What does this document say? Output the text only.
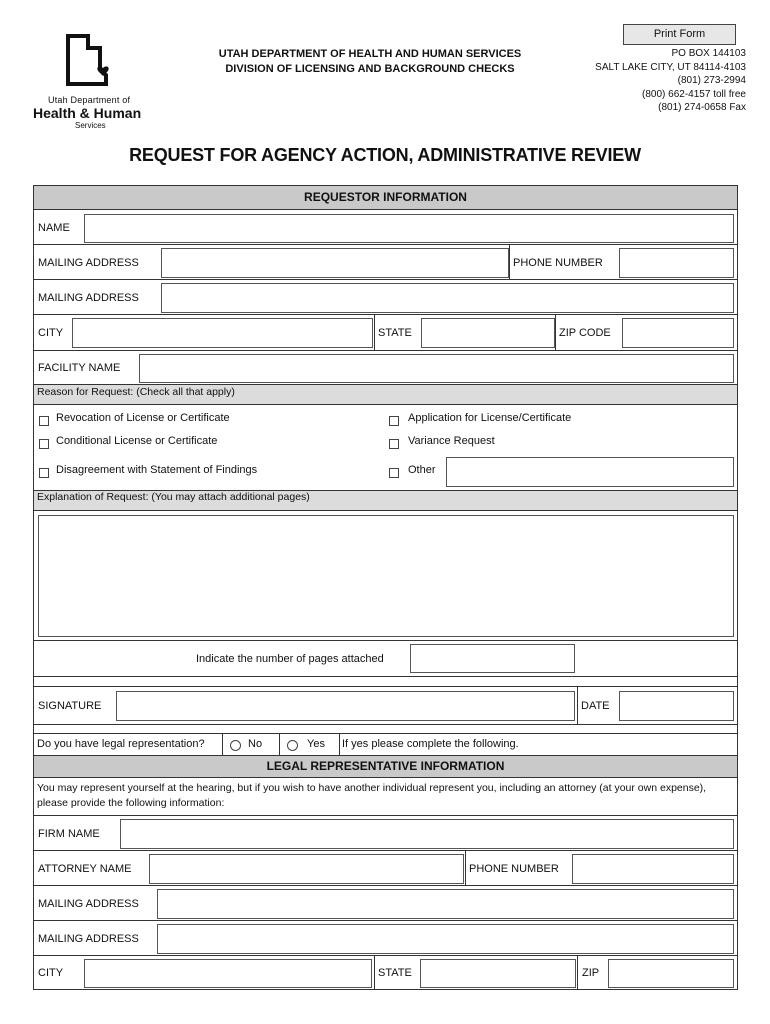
Utah Department of
Health & Human
Services
UTAH DEPARTMENT OF HEALTH AND HUMAN SERVICES
DIVISION OF LICENSING AND BACKGROUND CHECKS
Print Form
PO BOX 144103
SALT LAKE CITY, UT 84114-4103
(801) 273-2994
(800) 662-4157 toll free
(801) 274-0658 Fax
REQUEST FOR AGENCY ACTION, ADMINISTRATIVE REVIEW
REQUESTOR INFORMATION
NAME
MAILING ADDRESS	PHONE NUMBER
MAILING ADDRESS
CITY	STATE	ZIP CODE
FACILITY NAME
Reason for Request: (Check all that apply)
Revocation of License or Certificate	Application for License/Certificate
Conditional License or Certificate	Variance Request
Disagreement with Statement of Findings	Other
Explanation of Request: (You may attach additional pages)
Indicate the number of pages attached
SIGNATURE	DATE
Do you have legal representation?	No	Yes If yes please complete the following.
LEGAL REPRESENTATIVE INFORMATION
You may represent yourself at the hearing, but if you wish to have another individual represent you, including an attorney (at your own expense), please provide the following information:
FIRM NAME
ATTORNEY NAME	PHONE NUMBER
MAILING ADDRESS
MAILING ADDRESS
CITY	STATE	ZIP
